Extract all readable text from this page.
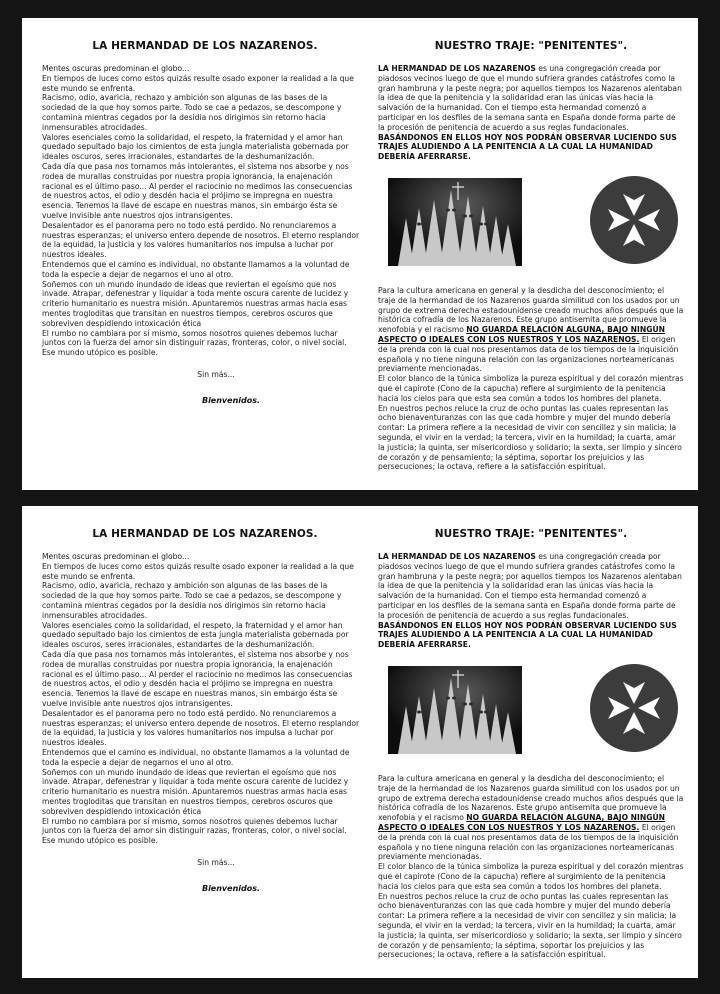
LA HERMANDAD DE LOS NAZARENOS.

Mentes oscuras predominan el globo...

En tiempos de luces como estos quizás resulte osado exponer la realidad a la que este mundo se enfrenta.

Racismo, odio, avaricia, rechazo y ambición son algunas de las bases de la sociedad de la que hoy somos parte. Todo se cae a pedazos, se descompone y contamina mientras cegados por la desidia nos dirigimos sin retorno hacia inmensurables atrocidades.

Valores esenciales como la solidaridad, el respeto, la fraternidad y el amor han quedado sepultado bajo los cimientos de esta jungla materialista gobernada por ideales oscuros, seres irracionales, estandartes de la deshumanización.

Cada día que pasa nos tornamos más intolerantes, el sistema nos absorbe y nos rodea de murallas construidas por nuestra propia ignorancia, la enajenación racional es el último paso... Al perder el raciocinio no medimos las consecuencias de nuestros actos, el odio y desdén hacia el prójimo se impregna en nuestra esencia. Tenemos la llave de escape en nuestras manos, sin embargo ésta se vuelve invisible ante nuestros ojos intransigentes.

Desalentador es el panorama pero no todo está perdido. No renunciaremos a nuestras esperanzas; el universo entero depende de nosotros. El eterno resplandor de la equidad, la justicia y los valores humanitarios nos impulsa a luchar por nuestros ideales.

Entendemos que el camino es individual, no obstante llamamos a la voluntad de toda la especie a dejar de negarnos el uno al otro.

Soñemos con un mundo inundado de ideas que reviertan el egoísmo que nos invade. Atrapar, defenestrar y liquidar a toda mente oscura carente de lucidez y criterio humanitario es nuestra misión. Apuntaremos nuestras armas hacia esas mentes trogloditas que transitan en nuestros tiempos, cerebros oscuros que sobreviven despidiendo intoxicación ética

El rumbo no cambiara por sí mismo, somos nosotros quienes debemos luchar juntos con la fuerza del amor sin distinguir razas, fronteras, color, o nivel social. Ese mundo utópico es posible.

Sin más...
Bienvenidos.
NUESTRO TRAJE: "PENITENTES".

LA HERMANDAD DE LOS NAZARENOS es una congregación creada por piadosos vecinos luego de que el mundo sufriera grandes catástrofes como la gran hambruna y la peste negra; por aquellos tiempos los Nazarenos alentaban la idea de que la penitencia y la solidaridad eran las únicas vías hacia la salvación de la humanidad. Con el tiempo esta hermandad comenzó a participar en los desfiles de la semana santa en España donde forma parte de la procesión de penitencia de acuerdo a sus reglas fundacionales. BASÁNDONOS EN ELLOS HOY NOS PODRÁN OBSERVAR LUCIENDO SUS TRAJES ALUDIENDO A LA PENITENCIA A LA CUAL LA HUMANIDAD DEBERÍA AFERRARSE.

Para la cultura americana en general y la desdicha del desconocimiento; el traje de la hermandad de los Nazarenos guarda similitud con los usados por un grupo de extrema derecha estadounidense creado muchos años después que la histórica cofradía de los Nazarenos. Este grupo antisemita que promueve la xenofobia y el racismo NO GUARDA RELACIÓN ALGUNA, BAJO NINGÚN ASPECTO O IDEALES CON LOS NUESTROS Y LOS NAZARENOS. El origen de la prenda con la cual nos presentamos data de los tiempos de la inquisición española y no tiene ninguna relación con las organizaciones norteamericanas previamente mencionadas.

El color blanco de la túnica simboliza la pureza espiritual y del corazón mientras que el capirote (Cono de la capucha) refiere al surgimiento de la penitencia hacia los cielos para que esta sea común a todos los hombres del planeta.

En nuestros pechos reluce la cruz de ocho puntas las cuales representan las ocho bienaventuranzas con las que cada hombre y mujer del mundo debería contar: La primera refiere a la necesidad de vivir con sencillez y sin malicia; la segunda, el vivir en la verdad; la tercera, vivir en la humildad; la cuarta, amar la justicia; la quinta, ser misericordioso y solidario; la sexta, ser limpio y sincero de corazón y de pensamiento; la séptima, soportar los prejuicios y las persecuciones; la octava, refiere a la satisfacción espiritual.

LA HERMANDAD DE LOS NAZARENOS.

Mentes oscuras predominan el globo...

En tiempos de luces como estos quizás resulte osado exponer la realidad a la que este mundo se enfrenta.

Racismo, odio, avaricia, rechazo y ambición son algunas de las bases de la sociedad de la que hoy somos parte. Todo se cae a pedazos, se descompone y contamina mientras cegados por la desidia nos dirigimos sin retorno hacia inmensurables atrocidades.

Valores esenciales como la solidaridad, el respeto, la fraternidad y el amor han quedado sepultado bajo los cimientos de esta jungla materialista gobernada por ideales oscuros, seres irracionales, estandartes de la deshumanización.

Cada día que pasa nos tornamos más intolerantes, el sistema nos absorbe y nos rodea de murallas construidas por nuestra propia ignorancia, la enajenación racional es el último paso... Al perder el raciocinio no medimos las consecuencias de nuestros actos, el odio y desdén hacia el prójimo se impregna en nuestra esencia. Tenemos la llave de escape en nuestras manos, sin embargo ésta se vuelve invisible ante nuestros ojos intransigentes.

Desalentador es el panorama pero no todo está perdido. No renunciaremos a nuestras esperanzas; el universo entero depende de nosotros. El eterno resplandor de la equidad, la justicia y los valores humanitarios nos impulsa a luchar por nuestros ideales.

Entendemos que el camino es individual, no obstante llamamos a la voluntad de toda la especie a dejar de negarnos el uno al otro.

Soñemos con un mundo inundado de ideas que reviertan el egoísmo que nos invade. Atrapar, defenestrar y liquidar a toda mente oscura carente de lucidez y criterio humanitario es nuestra misión. Apuntaremos nuestras armas hacia esas mentes trogloditas que transitan en nuestros tiempos, cerebros oscuros que sobreviven despidiendo intoxicación ética

El rumbo no cambiara por sí mismo, somos nosotros quienes debemos luchar juntos con la fuerza del amor sin distinguir razas, fronteras, color, o nivel social. Ese mundo utópico es posible.

Sin más...
Bienvenidos.
NUESTRO TRAJE: "PENITENTES".

LA HERMANDAD DE LOS NAZARENOS es una congregación creada por piadosos vecinos luego de que el mundo sufriera grandes catástrofes como la gran hambruna y la peste negra; por aquellos tiempos los Nazarenos alentaban la idea de que la penitencia y la solidaridad eran las únicas vías hacia la salvación de la humanidad. Con el tiempo esta hermandad comenzó a participar en los desfiles de la semana santa en España donde forma parte de la procesión de penitencia de acuerdo a sus reglas fundacionales. BASÁNDONOS EN ELLOS HOY NOS PODRÁN OBSERVAR LUCIENDO SUS TRAJES ALUDIENDO A LA PENITENCIA A LA CUAL LA HUMANIDAD DEBERÍA AFERRARSE.

Para la cultura americana en general y la desdicha del desconocimiento; el traje de la hermandad de los Nazarenos guarda similitud con los usados por un grupo de extrema derecha estadounidense creado muchos años después que la histórica cofradía de los Nazarenos. Este grupo antisemita que promueve la xenofobia y el racismo NO GUARDA RELACIÓN ALGUNA, BAJO NINGÚN ASPECTO O IDEALES CON LOS NUESTROS Y LOS NAZARENOS. El origen de la prenda con la cual nos presentamos data de los tiempos de la inquisición española y no tiene ninguna relación con las organizaciones norteamericanas previamente mencionadas.

El color blanco de la túnica simboliza la pureza espiritual y del corazón mientras que el capirote (Cono de la capucha) refiere al surgimiento de la penitencia hacia los cielos para que esta sea común a todos los hombres del planeta.

En nuestros pechos reluce la cruz de ocho puntas las cuales representan las ocho bienaventuranzas con las que cada hombre y mujer del mundo debería contar: La primera refiere a la necesidad de vivir con sencillez y sin malicia; la segunda, el vivir en la verdad; la tercera, vivir en la humildad; la cuarta, amar la justicia; la quinta, ser misericordioso y solidario; la sexta, ser limpio y sincero de corazón y de pensamiento; la séptima, soportar los prejuicios y las persecuciones; la octava, refiere a la satisfacción espiritual.
